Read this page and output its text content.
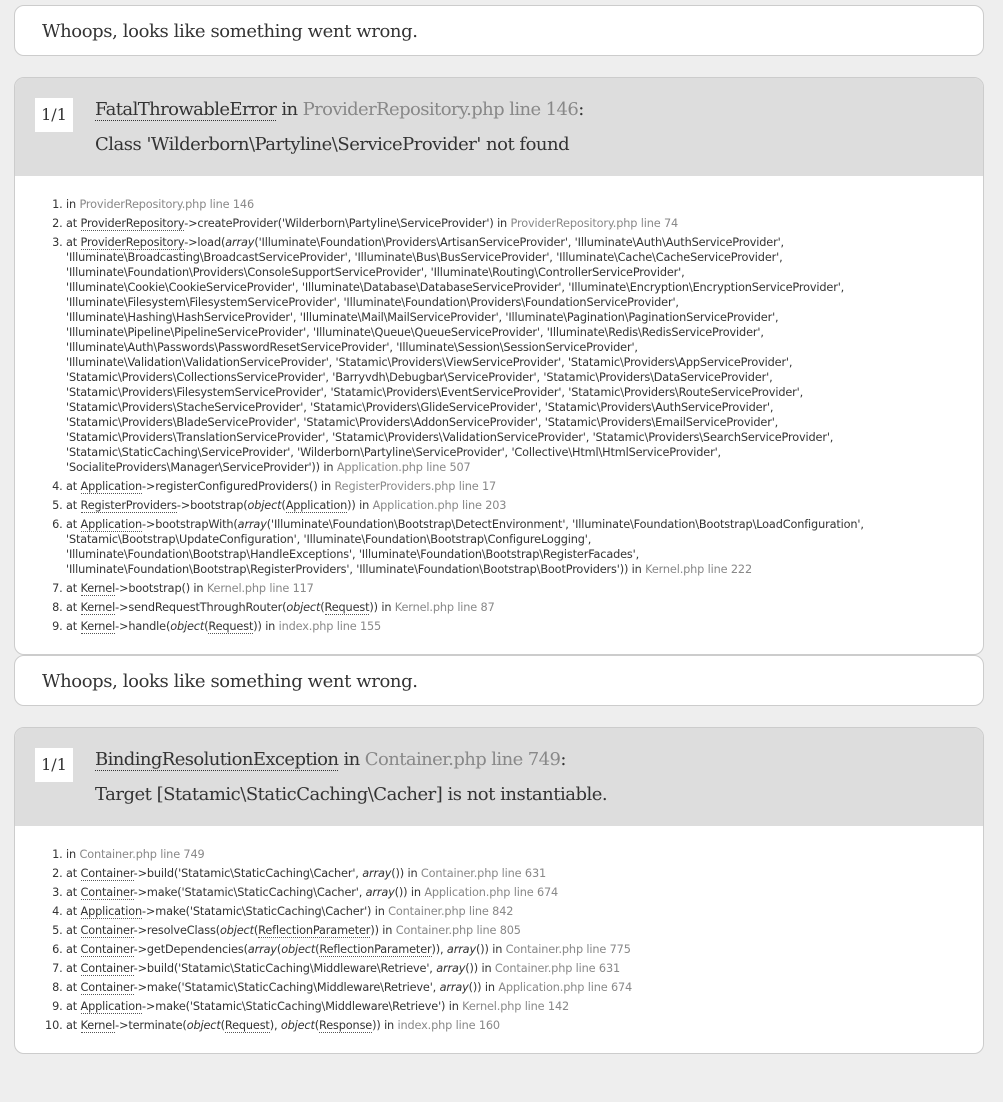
Whoops, looks like something went wrong.
1/1	FatalThrowableError in ProviderRepository.php line 146:
Class 'Wilderborn\Partyline\ServiceProvider' not found
1. in ProviderRepository.php line 146
2. at ProviderRepository->createProvider('Wilderborn\Partyline\ServiceProvider') in ProviderRepository.php line 74
3. at ProviderRepository->load(array('Illuminate\Foundation\Providers\ArtisanServiceProvider', 'Illuminate\Auth\AuthServiceProvider',
'Illuminate\Broadcasting\BroadcastServiceProvider', 'Illuminate\Bus\BusServiceProvider', 'Illuminate\Cache\CacheServiceProvider',
'Illuminate\Foundation\Providers\ConsoleSupportServiceProvider', 'Illuminate\Routing\ControllerServiceProvider',
'Illuminate\Cookie\CookieServiceProvider', 'Illuminate\Database\DatabaseServiceProvider', 'Illuminate\Encryption\EncryptionServiceProvider',
'Illuminate\Filesystem\FilesystemServiceProvider', 'Illuminate\Foundation\Providers\FoundationServiceProvider',
'Illuminate\Hashing\HashServiceProvider', 'Illuminate\Mail\MailServiceProvider', 'Illuminate\Pagination\PaginationServiceProvider',
'Illuminate\Pipeline\PipelineServiceProvider', 'Illuminate\Queue\QueueServiceProvider', 'Illuminate\Redis\RedisServiceProvider',
'Illuminate\Auth\Passwords\PasswordResetServiceProvider', 'Illuminate\Session\SessionServiceProvider',
'Illuminate\Validation\ValidationServiceProvider', 'Statamic\Providers\ViewServiceProvider', 'Statamic\Providers\AppServiceProvider',
'Statamic\Providers\CollectionsServiceProvider', 'Barryvdh\Debugbar\ServiceProvider', 'Statamic\Providers\DataServiceProvider',
'Statamic\Providers\FilesystemServiceProvider', 'Statamic\Providers\EventServiceProvider', 'Statamic\Providers\RouteServiceProvider',
'Statamic\Providers\StacheServiceProvider', 'Statamic\Providers\GlideServiceProvider', 'Statamic\Providers\AuthServiceProvider',
'Statamic\Providers\BladeServiceProvider', 'Statamic\Providers\AddonServiceProvider', 'Statamic\Providers\EmailServiceProvider',
'Statamic\Providers\TranslationServiceProvider', 'Statamic\Providers\ValidationServiceProvider', 'Statamic\Providers\SearchServiceProvider',
'Statamic\StaticCaching\ServiceProvider', 'Wilderborn\Partyline\ServiceProvider', 'Collective\Html\HtmlServiceProvider',
'SocialiteProviders\Manager\ServiceProvider')) in Application.php line 507
4. at Application->registerConfiguredProviders() in RegisterProviders.php line 17
5. at RegisterProviders->bootstrap(object(Application)) in Application.php line 203
6. at Application->bootstrapWith(array('Illuminate\Foundation\Bootstrap\DetectEnvironment', 'Illuminate\Foundation\Bootstrap\LoadConfiguration',
'Statamic\Bootstrap\UpdateConfiguration', 'Illuminate\Foundation\Bootstrap\ConfigureLogging',
'Illuminate\Foundation\Bootstrap\HandleExceptions', 'Illuminate\Foundation\Bootstrap\RegisterFacades',
'Illuminate\Foundation\Bootstrap\RegisterProviders', 'Illuminate\Foundation\Bootstrap\BootProviders')) in Kernel.php line 222
7. at Kernel->bootstrap() in Kernel.php line 117
8. at Kernel->sendRequestThroughRouter(object(Request)) in Kernel.php line 87
9. at Kernel->handle(object(Request)) in index.php line 155
Whoops, looks like something went wrong.
1/1	BindingResolutionException in Container.php line 749:
Target [Statamic\StaticCaching\Cacher] is not instantiable.
1. in Container.php line 749
2. at Container->build('Statamic\StaticCaching\Cacher', array()) in Container.php line 631
3. at Container->make('Statamic\StaticCaching\Cacher', array()) in Application.php line 674
4. at Application->make('Statamic\StaticCaching\Cacher') in Container.php line 842
5. at Container->resolveClass(object(ReflectionParameter)) in Container.php line 805
6. at Container->getDependencies(array(object(ReflectionParameter)), array()) in Container.php line 775
7. at Container->build('Statamic\StaticCaching\Middleware\Retrieve', array()) in Container.php line 631
8. at Container->make('Statamic\StaticCaching\Middleware\Retrieve', array()) in Application.php line 674
9. at Application->make('Statamic\StaticCaching\Middleware\Retrieve') in Kernel.php line 142
10. at Kernel->terminate(object(Request), object(Response)) in index.php line 160
